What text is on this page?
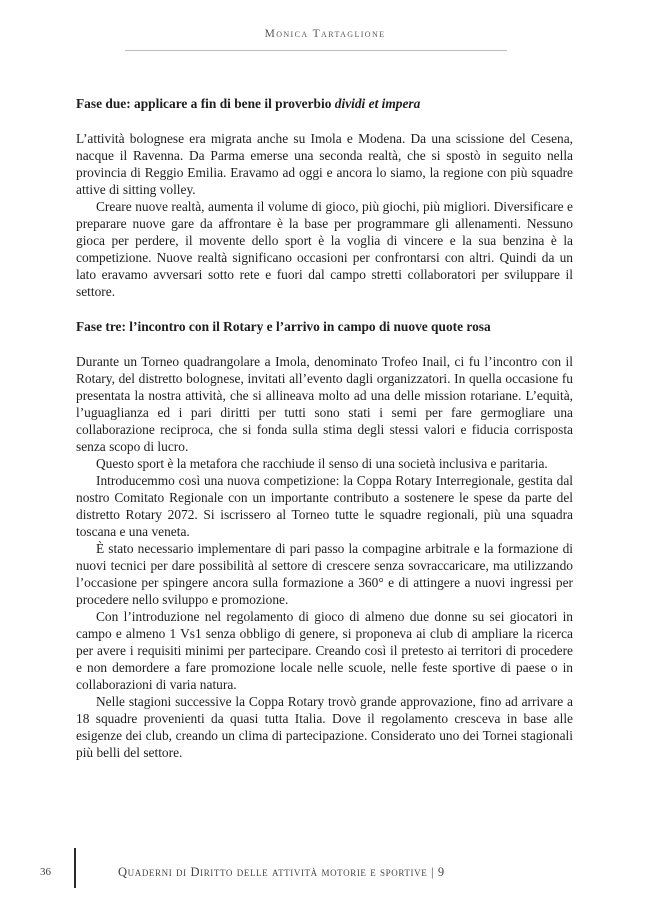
Monica Tartaglione
Fase due: applicare a fin di bene il proverbio dividi et impera

L’attività bolognese era migrata anche su Imola e Modena. Da una scissione del Cesena, nacque il Ravenna. Da Parma emerse una seconda realtà, che si spostò in seguito nella provincia di Reggio Emilia. Eravamo ad oggi e ancora lo siamo, la regione con più squadre attive di sitting volley.

Creare nuove realtà, aumenta il volume di gioco, più giochi, più migliori. Diversificare e preparare nuove gare da affrontare è la base per programmare gli allenamenti. Nessuno gioca per perdere, il movente dello sport è la voglia di vincere e la sua benzina è la competizione. Nuove realtà significano occasioni per confrontarsi con altri. Quindi da un lato eravamo avversari sotto rete e fuori dal campo stretti collaboratori per sviluppare il settore.

Fase tre: l’incontro con il Rotary e l’arrivo in campo di nuove quote rosa

Durante un Torneo quadrangolare a Imola, denominato Trofeo Inail, ci fu l’incontro con il Rotary, del distretto bolognese, invitati all’evento dagli organizzatori. In quella occasione fu presentata la nostra attività, che si allineava molto ad una delle mission rotariane. L’equità, l’uguaglianza ed i pari diritti per tutti sono stati i semi per fare germogliare una collaborazione reciproca, che si fonda sulla stima degli stessi valori e fiducia corrisposta senza scopo di lucro.

Questo sport è la metafora che racchiude il senso di una società inclusiva e paritaria.

Introducemmo così una nuova competizione: la Coppa Rotary Interregionale, gestita dal nostro Comitato Regionale con un importante contributo a sostenere le spese da parte del distretto Rotary 2072. Si iscrissero al Torneo tutte le squadre regionali, più una squadra toscana e una veneta.

È stato necessario implementare di pari passo la compagine arbitrale e la formazione di nuovi tecnici per dare possibilità al settore di crescere senza sovraccaricare, ma utilizzando l’occasione per spingere ancora sulla formazione a 360° e di attingere a nuovi ingressi per procedere nello sviluppo e promozione.

Con l’introduzione nel regolamento di gioco di almeno due donne su sei giocatori in campo e almeno 1 Vs1 senza obbligo di genere, si proponeva ai club di ampliare la ricerca per avere i requisiti minimi per partecipare. Creando così il pretesto ai territori di procedere e non demordere a fare promozione locale nelle scuole, nelle feste sportive di paese o in collaborazioni di varia natura.

Nelle stagioni successive la Coppa Rotary trovò grande approvazione, fino ad arrivare a 18 squadre provenienti da quasi tutta Italia. Dove il regolamento cresceva in base alle esigenze dei club, creando un clima di partecipazione. Considerato uno dei Tornei stagionali più belli del settore.

36	Quaderni di Diritto delle attività motorie e sportive | 9
